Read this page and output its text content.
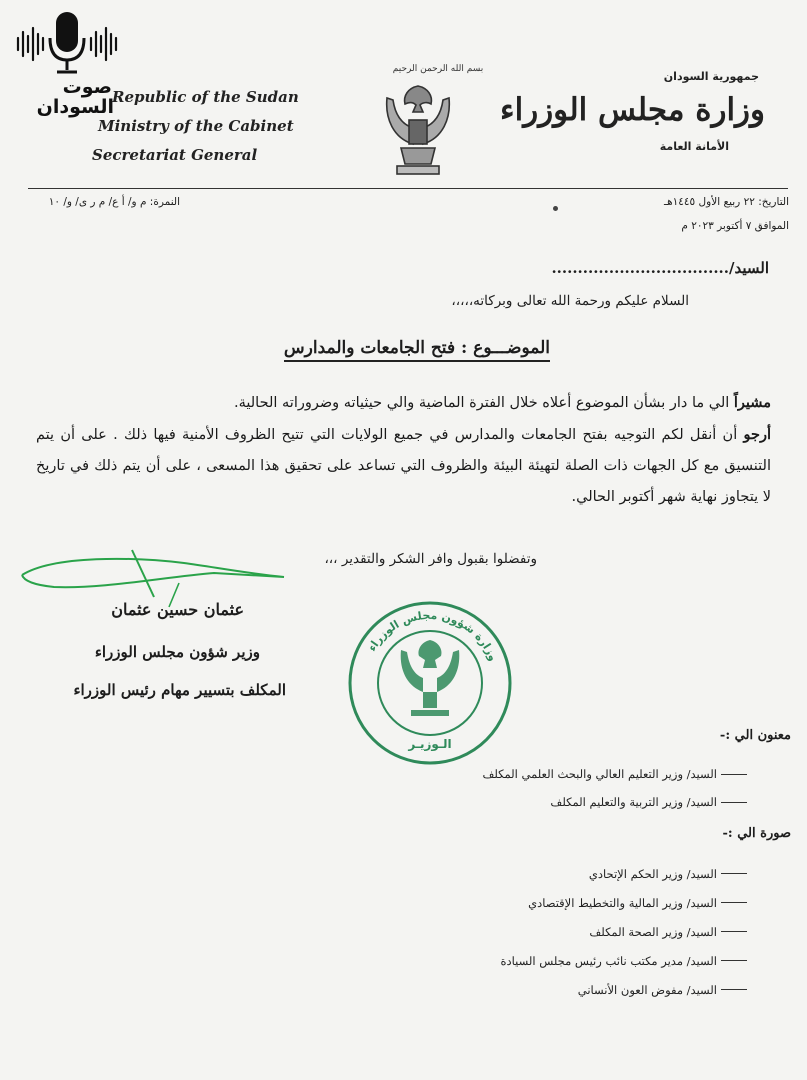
صوت
السودان
Republic of the Sudan
Ministry of the Cabinet
Secretariat General
بسم الله الرحمن الرحيم
جمهورية السودان
وزارة مجلس الوزراء
الأمانة العامة
النمرة: م و/ أ ع/ م ر ى/ و/ ١٠	التاريخ: ٢٢ ربيع الأول ١٤٤٥هـ
الموافق ٧ أكتوبر ٢٠٢٣ م
السيد/..................................
السلام عليكم ورحمة الله تعالى وبركاته،،،،،
الموضـــوع : فتح الجامعات والمدارس
مشيراً الي ما دار بشأن الموضوع أعلاه خلال الفترة الماضية والي حيثياته وضروراته الحالية.
أرجو أن أنقل لكم التوجيه بفتح الجامعات والمدارس في جميع الولايات التي تتيح الظروف الأمنية فيها ذلك . على أن يتم التنسيق مع كل الجهات ذات الصلة لتهيئة البيئة والظروف التي تساعد على تحقيق هذا المسعى ، على أن يتم ذلك في تاريخ لا يتجاوز نهاية شهر أكتوبر الحالي.
وتفضلوا بقبول وافر الشكر والتقدير ،،،
عثمان حسين عثمان
وزير شؤون مجلس الوزراء
المكلف بتسيير مهام رئيس الوزراء
وزارة شؤون مجلس الوزراء
الـوزيـر
معنون الي :-
السيد/ وزير التعليم العالي والبحث العلمي المكلف
السيد/ وزير التربية والتعليم المكلف
صورة الي :-
السيد/ وزير الحكم الإتحادي
السيد/ وزير المالية والتخطيط الإقتصادي
السيد/ وزير الصحة المكلف
السيد/ مدير مكتب نائب رئيس مجلس السيادة
السيد/ مفوض العون الأنساني
